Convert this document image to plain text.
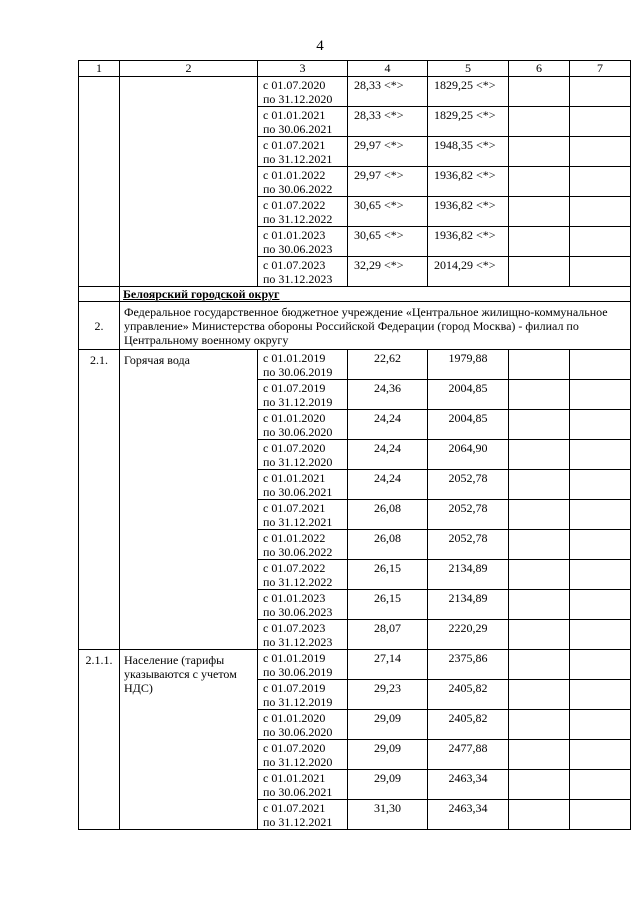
4
1	2	3	4	5	6	7

		с 01.07.2020
по 31.12.2020	28,33 <*>	1829,25 <*>		

		с 01.01.2021
по 30.06.2021	28,33 <*>	1829,25 <*>		

		с 01.07.2021
по 31.12.2021	29,97 <*>	1948,35 <*>		

		с 01.01.2022
по 30.06.2022	29,97 <*>	1936,82 <*>		

		с 01.07.2022
по 31.12.2022	30,65 <*>	1936,82 <*>		

		с 01.01.2023
по 30.06.2023	30,65 <*>	1936,82 <*>		

		с 01.07.2023
по 31.12.2023	32,29 <*>	2014,29 <*>		
	Белоярский городской округ					
2.	Федеральное государственное бюджетное учреждение «Центральное жилищно-коммунальное управление» Министерства обороны Российской Федерации (город Москва) - филиал по Центральному военному округу					
2.1.	Горячая вода	с 01.01.2019
по 30.06.2019	22,62	1979,88		

		с 01.07.2019
по 31.12.2019	24,36	2004,85		

		с 01.01.2020
по 30.06.2020	24,24	2004,85		

		с 01.07.2020
по 31.12.2020	24,24	2064,90		

		с 01.01.2021
по 30.06.2021	24,24	2052,78		

		с 01.07.2021
по 31.12.2021	26,08	2052,78		

		с 01.01.2022
по 30.06.2022	26,08	2052,78		

		с 01.07.2022
по 31.12.2022	26,15	2134,89		

		с 01.01.2023
по 30.06.2023	26,15	2134,89		

		с 01.07.2023
по 31.12.2023	28,07	2220,29		
2.1.1.	Население (тарифы указываются с учетом НДС)	с 01.01.2019
по 30.06.2019	27,14	2375,86		

		с 01.07.2019
по 31.12.2019	29,23	2405,82		

		с 01.01.2020
по 30.06.2020	29,09	2405,82		

		с 01.07.2020
по 31.12.2020	29,09	2477,88		

		с 01.01.2021
по 30.06.2021	29,09	2463,34		

		с 01.07.2021
по 31.12.2021	31,30	2463,34		
